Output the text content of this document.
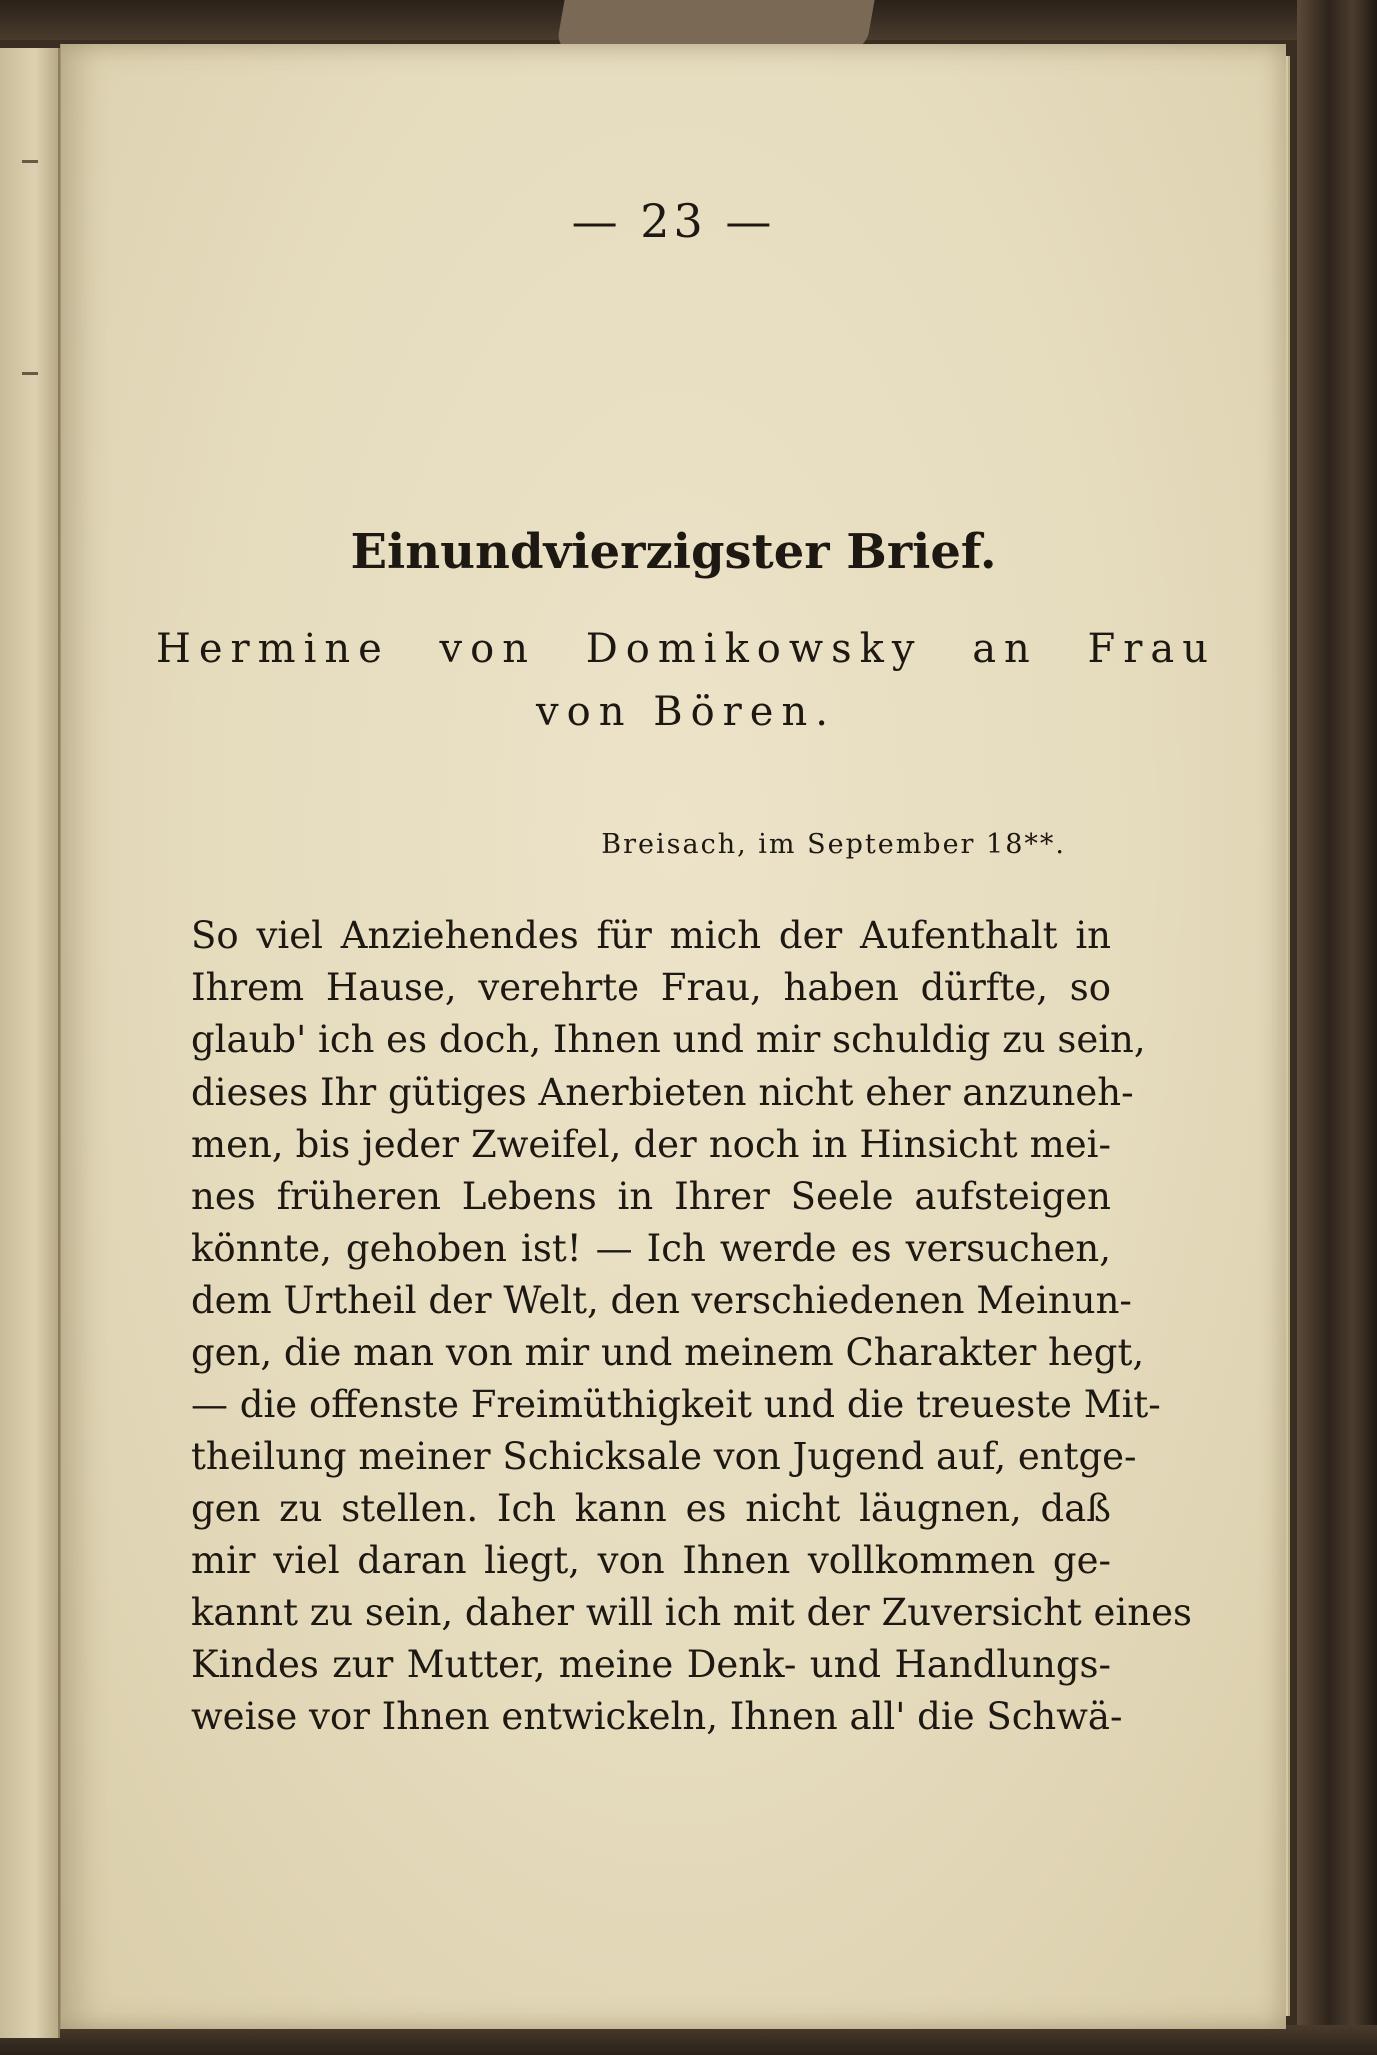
— 23 —
Einundvierzigster Brief.
Hermine von Domikowsky an Frau
von Bören.
Breisach, im September 18**.
So viel Anziehendes für mich der Aufenthalt in
Ihrem Hause, verehrte Frau, haben dürfte, so
glaub' ich es doch, Ihnen und mir schuldig zu sein,
dieses Ihr gütiges Anerbieten nicht eher anzuneh-
men, bis jeder Zweifel, der noch in Hinsicht mei-
nes früheren Lebens in Ihrer Seele aufsteigen
könnte, gehoben ist! — Ich werde es versuchen,
dem Urtheil der Welt, den verschiedenen Meinun-
gen, die man von mir und meinem Charakter hegt,
— die offenste Freimüthigkeit und die treueste Mit-
theilung meiner Schicksale von Jugend auf, entge-
gen zu stellen. Ich kann es nicht läugnen, daß
mir viel daran liegt, von Ihnen vollkommen ge-
kannt zu sein, daher will ich mit der Zuversicht eines
Kindes zur Mutter, meine Denk- und Handlungs-
weise vor Ihnen entwickeln, Ihnen all' die Schwä-
